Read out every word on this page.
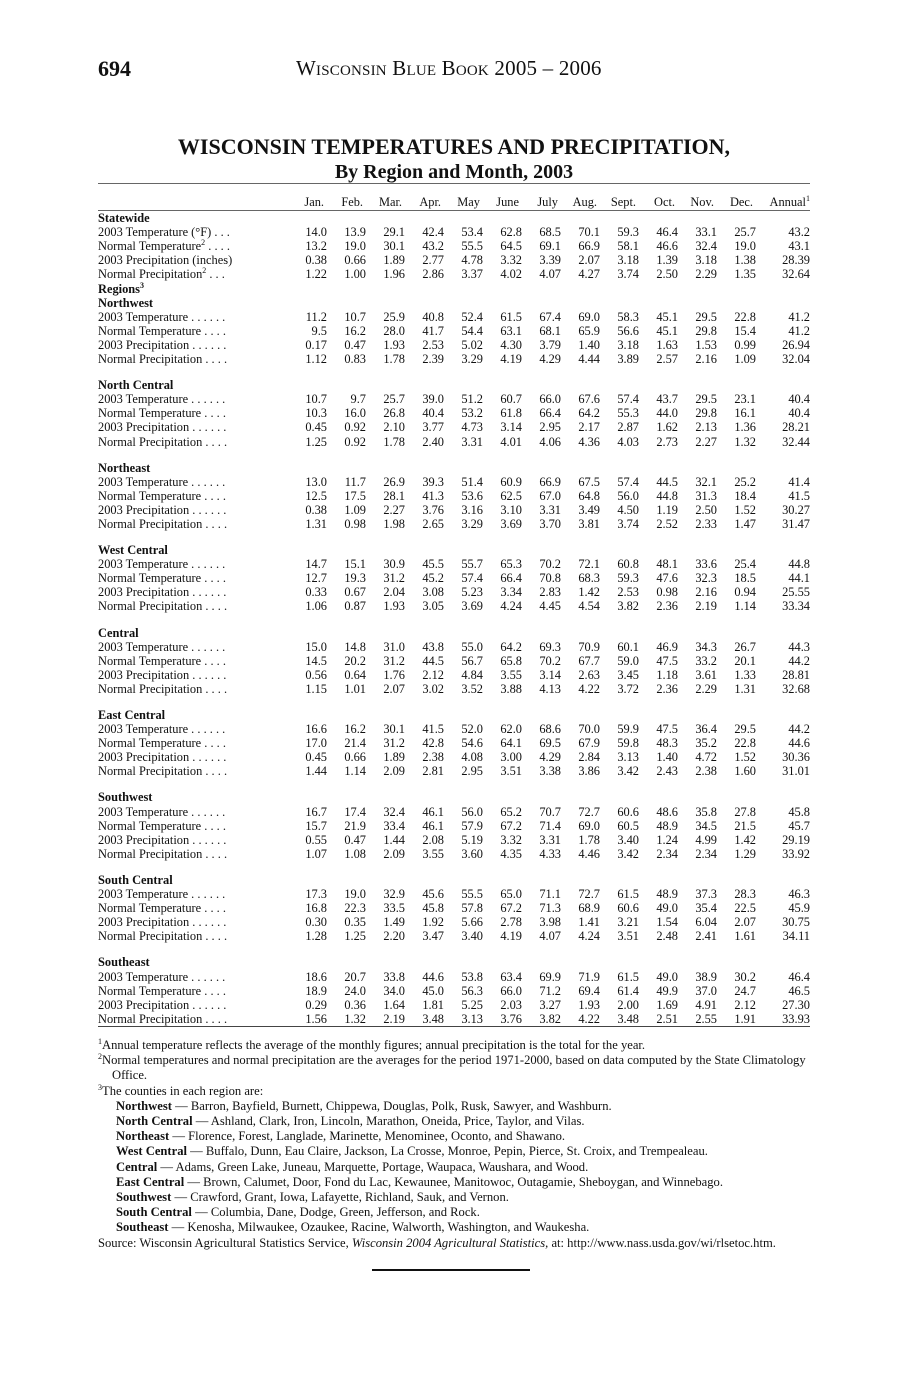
694	Wisconsin Blue Book 2005 – 2006
WISCONSIN TEMPERATURES AND PRECIPITATION,
By Region and Month, 2003
	Jan.	Feb.	Mar.	Apr.	May	June	July	Aug.	Sept.	Oct.	Nov.	Dec.	Annual$^1$
Statewide													
2003 Temperature (°F) . . .	14.0	13.9	29.1	42.4	53.4	62.8	68.5	70.1	59.3	46.4	33.1	25.7	43.2
Normal Temperature$^2$ . . . .	13.2	19.0	30.1	43.2	55.5	64.5	69.1	66.9	58.1	46.6	32.4	19.0	43.1
2003 Precipitation (inches)	0.38	0.66	1.89	2.77	4.78	3.32	3.39	2.07	3.18	1.39	3.18	1.38	28.39
Normal Precipitation$^2$ . . .	1.22	1.00	1.96	2.86	3.37	4.02	4.07	4.27	3.74	2.50	2.29	1.35	32.64
Regions$^3$
Northwest													
2003 Temperature . . . . . .	11.2	10.7	25.9	40.8	52.4	61.5	67.4	69.0	58.3	45.1	29.5	22.8	41.2
Normal Temperature . . . .	9.5	16.2	28.0	41.7	54.4	63.1	68.1	65.9	56.6	45.1	29.8	15.4	41.2
2003 Precipitation . . . . . .	0.17	0.47	1.93	2.53	5.02	4.30	3.79	1.40	3.18	1.63	1.53	0.99	26.94
Normal Precipitation . . . .	1.12	0.83	1.78	2.39	3.29	4.19	4.29	4.44	3.89	2.57	2.16	1.09	32.04

North Central													
2003 Temperature . . . . . .	10.7	9.7	25.7	39.0	51.2	60.7	66.0	67.6	57.4	43.7	29.5	23.1	40.4
Normal Temperature . . . .	10.3	16.0	26.8	40.4	53.2	61.8	66.4	64.2	55.3	44.0	29.8	16.1	40.4
2003 Precipitation . . . . . .	0.45	0.92	2.10	3.77	4.73	3.14	2.95	2.17	2.87	1.62	2.13	1.36	28.21
Normal Precipitation . . . .	1.25	0.92	1.78	2.40	3.31	4.01	4.06	4.36	4.03	2.73	2.27	1.32	32.44

Northeast													
2003 Temperature . . . . . .	13.0	11.7	26.9	39.3	51.4	60.9	66.9	67.5	57.4	44.5	32.1	25.2	41.4
Normal Temperature . . . .	12.5	17.5	28.1	41.3	53.6	62.5	67.0	64.8	56.0	44.8	31.3	18.4	41.5
2003 Precipitation . . . . . .	0.38	1.09	2.27	3.76	3.16	3.10	3.31	3.49	4.50	1.19	2.50	1.52	30.27
Normal Precipitation . . . .	1.31	0.98	1.98	2.65	3.29	3.69	3.70	3.81	3.74	2.52	2.33	1.47	31.47

West Central													
2003 Temperature . . . . . .	14.7	15.1	30.9	45.5	55.7	65.3	70.2	72.1	60.8	48.1	33.6	25.4	44.8
Normal Temperature . . . .	12.7	19.3	31.2	45.2	57.4	66.4	70.8	68.3	59.3	47.6	32.3	18.5	44.1
2003 Precipitation . . . . . .	0.33	0.67	2.04	3.08	5.23	3.34	2.83	1.42	2.53	0.98	2.16	0.94	25.55
Normal Precipitation . . . .	1.06	0.87	1.93	3.05	3.69	4.24	4.45	4.54	3.82	2.36	2.19	1.14	33.34

Central													
2003 Temperature . . . . . .	15.0	14.8	31.0	43.8	55.0	64.2	69.3	70.9	60.1	46.9	34.3	26.7	44.3
Normal Temperature . . . .	14.5	20.2	31.2	44.5	56.7	65.8	70.2	67.7	59.0	47.5	33.2	20.1	44.2
2003 Precipitation . . . . . .	0.56	0.64	1.76	2.12	4.84	3.55	3.14	2.63	3.45	1.18	3.61	1.33	28.81
Normal Precipitation . . . .	1.15	1.01	2.07	3.02	3.52	3.88	4.13	4.22	3.72	2.36	2.29	1.31	32.68

East Central													
2003 Temperature . . . . . .	16.6	16.2	30.1	41.5	52.0	62.0	68.6	70.0	59.9	47.5	36.4	29.5	44.2
Normal Temperature . . . .	17.0	21.4	31.2	42.8	54.6	64.1	69.5	67.9	59.8	48.3	35.2	22.8	44.6
2003 Precipitation . . . . . .	0.45	0.66	1.89	2.38	4.08	3.00	4.29	2.84	3.13	1.40	4.72	1.52	30.36
Normal Precipitation . . . .	1.44	1.14	2.09	2.81	2.95	3.51	3.38	3.86	3.42	2.43	2.38	1.60	31.01

Southwest													
2003 Temperature . . . . . .	16.7	17.4	32.4	46.1	56.0	65.2	70.7	72.7	60.6	48.6	35.8	27.8	45.8
Normal Temperature . . . .	15.7	21.9	33.4	46.1	57.9	67.2	71.4	69.0	60.5	48.9	34.5	21.5	45.7
2003 Precipitation . . . . . .	0.55	0.47	1.44	2.08	5.19	3.32	3.31	1.78	3.40	1.24	4.99	1.42	29.19
Normal Precipitation . . . .	1.07	1.08	2.09	3.55	3.60	4.35	4.33	4.46	3.42	2.34	2.34	1.29	33.92

South Central													
2003 Temperature . . . . . .	17.3	19.0	32.9	45.6	55.5	65.0	71.1	72.7	61.5	48.9	37.3	28.3	46.3
Normal Temperature . . . .	16.8	22.3	33.5	45.8	57.8	67.2	71.3	68.9	60.6	49.0	35.4	22.5	45.9
2003 Precipitation . . . . . .	0.30	0.35	1.49	1.92	5.66	2.78	3.98	1.41	3.21	1.54	6.04	2.07	30.75
Normal Precipitation . . . .	1.28	1.25	2.20	3.47	3.40	4.19	4.07	4.24	3.51	2.48	2.41	1.61	34.11

Southeast													
2003 Temperature . . . . . .	18.6	20.7	33.8	44.6	53.8	63.4	69.9	71.9	61.5	49.0	38.9	30.2	46.4
Normal Temperature . . . .	18.9	24.0	34.0	45.0	56.3	66.0	71.2	69.4	61.4	49.9	37.0	24.7	46.5
2003 Precipitation . . . . . .	0.29	0.36	1.64	1.81	5.25	2.03	3.27	1.93	2.00	1.69	4.91	2.12	27.30
Normal Precipitation . . . .	1.56	1.32	2.19	3.48	3.13	3.76	3.82	4.22	3.48	2.51	2.55	1.91	33.93

$^1$Annual temperature reflects the average of the monthly figures; annual precipitation is the total for the year.

$^2$Normal temperatures and normal precipitation are the averages for the period 1971-2000, based on data computed by the State Climatology Office.

$^3$The counties in each region are:

Northwest — Barron, Bayfield, Burnett, Chippewa, Douglas, Polk, Rusk, Sawyer, and Washburn.

North Central — Ashland, Clark, Iron, Lincoln, Marathon, Oneida, Price, Taylor, and Vilas.

Northeast — Florence, Forest, Langlade, Marinette, Menominee, Oconto, and Shawano.

West Central — Buffalo, Dunn, Eau Claire, Jackson, La Crosse, Monroe, Pepin, Pierce, St. Croix, and Trempealeau.

Central — Adams, Green Lake, Juneau, Marquette, Portage, Waupaca, Waushara, and Wood.

East Central — Brown, Calumet, Door, Fond du Lac, Kewaunee, Manitowoc, Outagamie, Sheboygan, and Winnebago.

Southwest — Crawford, Grant, Iowa, Lafayette, Richland, Sauk, and Vernon.

South Central — Columbia, Dane, Dodge, Green, Jefferson, and Rock.

Southeast — Kenosha, Milwaukee, Ozaukee, Racine, Walworth, Washington, and Waukesha.

Source: Wisconsin Agricultural Statistics Service, Wisconsin 2004 Agricultural Statistics, at: http://www.nass.usda.gov/wi/rlsetoc.htm.
